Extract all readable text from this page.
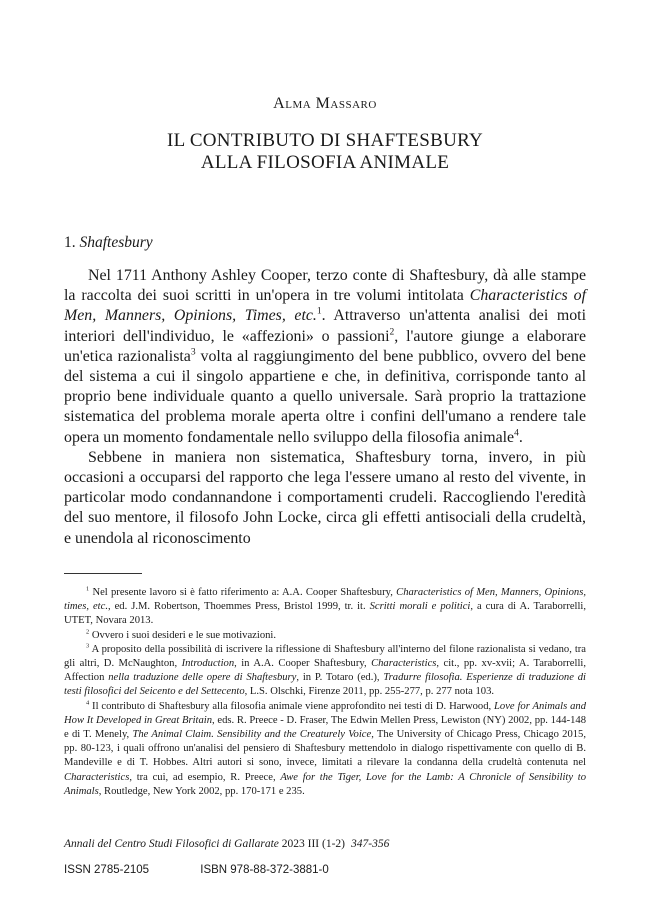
Alma Massaro
IL CONTRIBUTO DI SHAFTESBURY
ALLA FILOSOFIA ANIMALE
1. Shaftesbury

Nel 1711 Anthony Ashley Cooper, terzo conte di Shaftesbury, dà alle stampe la raccolta dei suoi scritti in un'opera in tre volumi intitolata Characteristics of Men, Manners, Opinions, Times, etc.$^1$. Attraverso un'attenta analisi dei moti interiori dell'individuo, le «affezioni» o passioni$^2$, l'autore giunge a elaborare un'etica razionalista$^3$ volta al raggiungimento del bene pubblico, ovvero del bene del sistema a cui il singolo appartiene e che, in definitiva, corrisponde tanto al proprio bene individuale quanto a quello universale. Sarà proprio la trattazione sistematica del problema morale aperta oltre i confini dell'umano a rendere tale opera un momento fondamentale nello sviluppo della filosofia animale$^4$.

Sebbene in maniera non sistematica, Shaftesbury torna, invero, in più occasioni a occuparsi del rapporto che lega l'essere umano al resto del vivente, in particolar modo condannandone i comportamenti crudeli. Raccogliendo l'eredità del suo mentore, il filosofo John Locke, circa gli effetti antisociali della crudeltà, e unendola al riconoscimento

$^1$ Nel presente lavoro si è fatto riferimento a: A.A. Cooper Shaftesbury, Characteristics of Men, Manners, Opinions, times, etc., ed. J.M. Robertson, Thoemmes Press, Bristol 1999, tr. it. Scritti morali e politici, a cura di A. Taraborrelli, UTET, Novara 2013.

$^2$ Ovvero i suoi desideri e le sue motivazioni.

$^3$ A proposito della possibilità di iscrivere la riflessione di Shaftesbury all'interno del filone razionalista si vedano, tra gli altri, D. McNaughton, Introduction, in A.A. Cooper Shaftesbury, Characteristics, cit., pp. xv-xvii; A. Taraborrelli, Affection nella traduzione delle opere di Shaftesbury, in P. Totaro (ed.), Tradurre filosofia. Esperienze di traduzione di testi filosofici del Seicento e del Settecento, L.S. Olschki, Firenze 2011, pp. 255-277, p. 277 nota 103.

$^4$ Il contributo di Shaftesbury alla filosofia animale viene approfondito nei testi di D. Harwood, Love for Animals and How It Developed in Great Britain, eds. R. Preece - D. Fraser, The Edwin Mellen Press, Lewiston (NY) 2002, pp. 144-148 e di T. Menely, The Animal Claim. Sensibility and the Creaturely Voice, The University of Chicago Press, Chicago 2015, pp. 80-123, i quali offrono un'analisi del pensiero di Shaftesbury mettendolo in dialogo rispettivamente con quello di B. Mandeville e di T. Hobbes. Altri autori si sono, invece, limitati a rilevare la condanna della crudeltà contenuta nel Characteristics, tra cui, ad esempio, R. Preece, Awe for the Tiger, Love for the Lamb: A Chronicle of Sensibility to Animals, Routledge, New York 2002, pp. 170-171 e 235.

Annali del Centro Studi Filosofici di Gallarate 2023 III (1-2) 347-356
ISSN 2785-2105	ISBN 978-88-372-3881-0
